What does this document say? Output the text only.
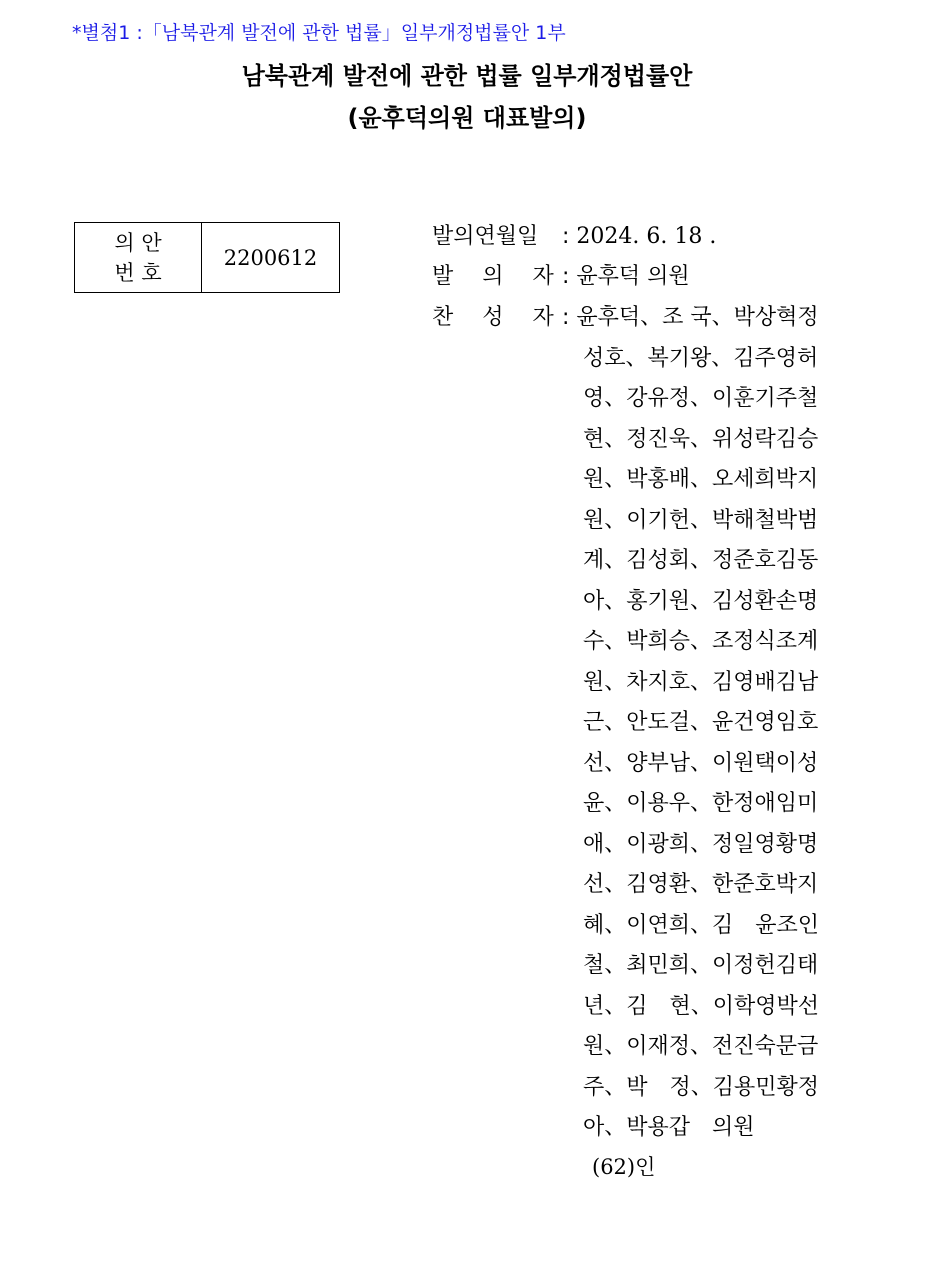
*별첨1 :「남북관계 발전에 관한 법률」일부개정법률안 1부
남북관계 발전에 관한 법률 일부개정법률안
(윤후덕의원 대표발의)
의 안
번 호
	2200612
발의연월일 : 2024. 6. 18 .
발 의 자: 윤후덕 의원
찬 성 자: 윤후덕、조 국、박상혁정
성호、복기왕、김주영허
영、강유정、이훈기주철
현、정진욱、위성락김승
원、박홍배、오세희박지
원、이기헌、박해철박범
계、김성회、정준호김동
아、홍기원、김성환손명
수、박희승、조정식조계
원、차지호、김영배김남
근、안도걸、윤건영임호
선、양부남、이원택이성
윤、이용우、한정애임미
애、이광희、정일영황명
선、김영환、한준호박지
혜、이연희、김　윤조인
철、최민희、이정헌김태
년、김　현、이학영박선
원、이재정、전진숙문금
주、박　정、김용민황정
아、박용갑　의원
(62)인
